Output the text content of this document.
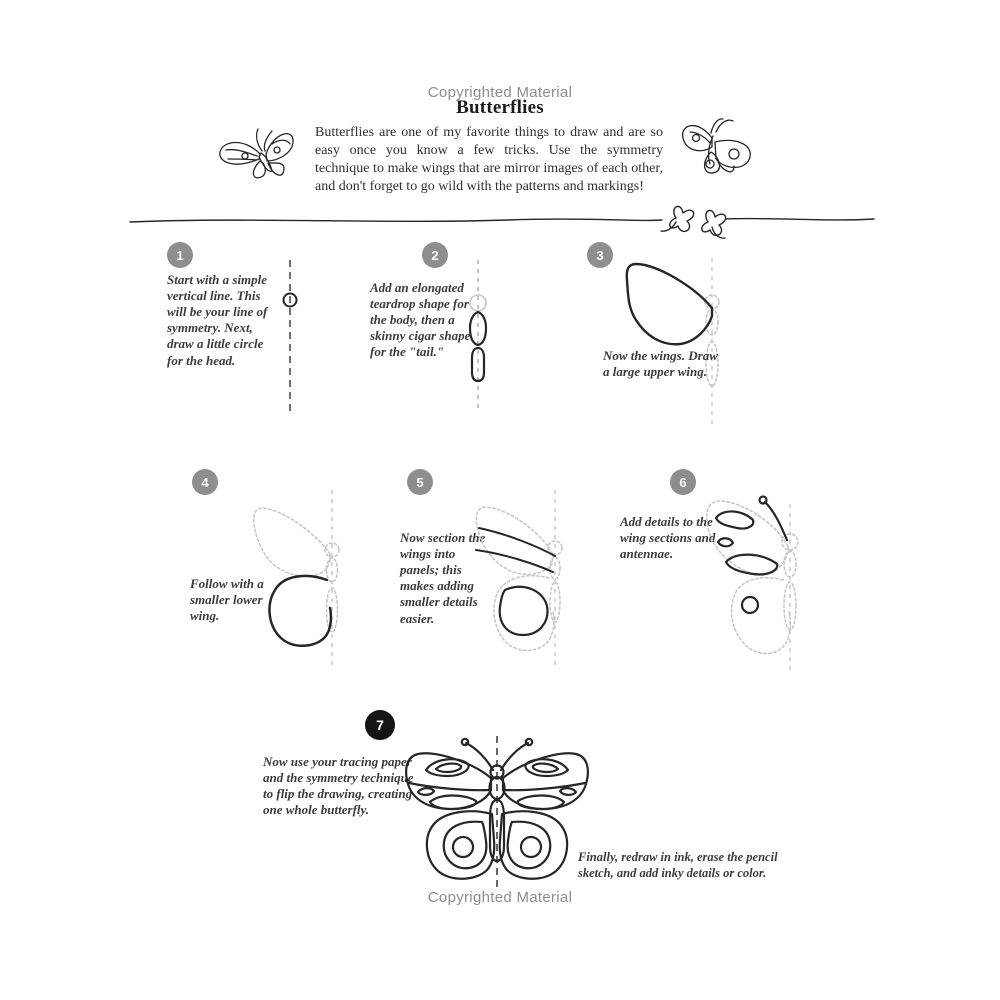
Copyrighted Material
Butterflies

Butterflies are one of my favorite things to draw and are so easy once you know a few tricks. Use the symmetry technique to make wings that are mirror images of each other, and don't forget to go wild with the patterns and markings!

1

Start with a simple vertical line. This will be your line of symmetry. Next, draw a little circle for the head.

2

Add an elongated teardrop shape for the body, then a skinny cigar shape for the "tail."

3

Now the wings. Draw a large upper wing.

4

Follow with a smaller lower wing.

5

Now section the wings into panels; this makes adding smaller details easier.

6

Add details to the wing sections and antennae.

7

Now use your tracing paper and the symmetry technique to flip the drawing, creating one whole butterfly.

Finally, redraw in ink, erase the pencil sketch, and add inky details or color.

Copyrighted Material
